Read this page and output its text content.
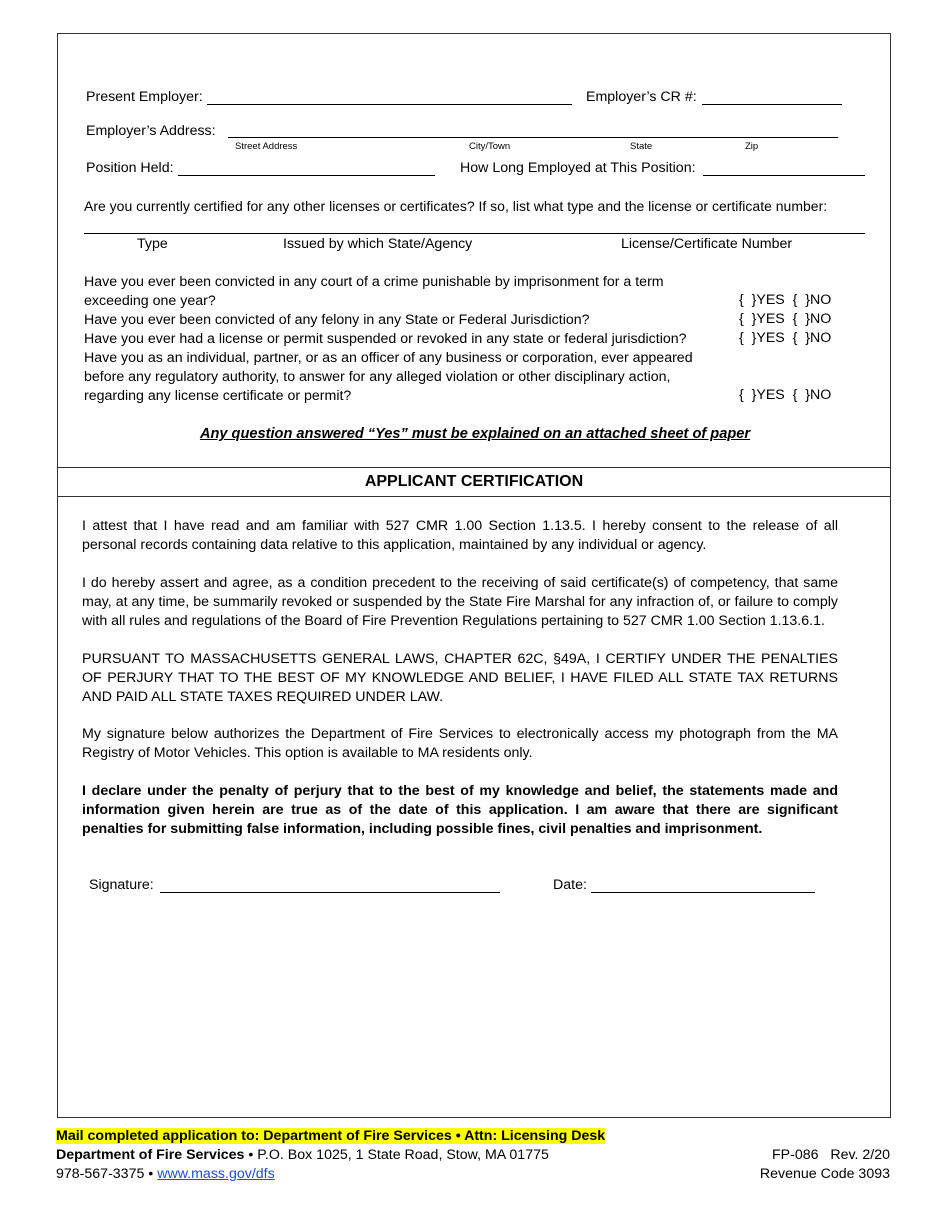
Present Employer:	Employer’s CR #:
Employer’s Address:
Street Address	City/Town	State	Zip
Position Held:	How Long Employed at This Position:
Are you currently certified for any other licenses or certificates? If so, list what type and the license or certificate number:
Type	Issued by which State/Agency	License/Certificate Number
Have you ever been convicted in any court of a crime punishable by imprisonment for a term exceeding one year?	{  }YES  {  }NO
Have you ever been convicted of any felony in any State or Federal Jurisdiction?	{  }YES  {  }NO
Have you ever had a license or permit suspended or revoked in any state or federal jurisdiction?	{  }YES  {  }NO
Have you as an individual, partner, or as an officer of any business or corporation, ever appeared before any regulatory authority, to answer for any alleged violation or other disciplinary action, regarding any license certificate or permit?	{  }YES  {  }NO
Any question answered “Yes” must be explained on an attached sheet of paper
APPLICANT CERTIFICATION
I attest that I have read and am familiar with 527 CMR 1.00 Section 1.13.5. I hereby consent to the release of all personal records containing data relative to this application, maintained by any individual or agency.
I do hereby assert and agree, as a condition precedent to the receiving of said certificate(s) of competency, that same may, at any time, be summarily revoked or suspended by the State Fire Marshal for any infraction of, or failure to comply with all rules and regulations of the Board of Fire Prevention Regulations pertaining to 527 CMR 1.00 Section 1.13.6.1.
PURSUANT TO MASSACHUSETTS GENERAL LAWS, CHAPTER 62C, §49A, I CERTIFY UNDER THE PENALTIES OF PERJURY THAT TO THE BEST OF MY KNOWLEDGE AND BELIEF, I HAVE FILED ALL STATE TAX RETURNS AND PAID ALL STATE TAXES REQUIRED UNDER LAW.
My signature below authorizes the Department of Fire Services to electronically access my photograph from the MA Registry of Motor Vehicles. This option is available to MA residents only.
I declare under the penalty of perjury that to the best of my knowledge and belief, the statements made and information given herein are true as of the date of this application. I am aware that there are significant penalties for submitting false information, including possible fines, civil penalties and imprisonment.
Signature:	Date:
Mail completed application to: Department of Fire Services • Attn: Licensing Desk
Department of Fire Services • P.O. Box 1025, 1 State Road, Stow, MA 01775
978-567-3375 • www.mass.gov/dfs
FP-086   Rev. 2/20
Revenue Code 3093
